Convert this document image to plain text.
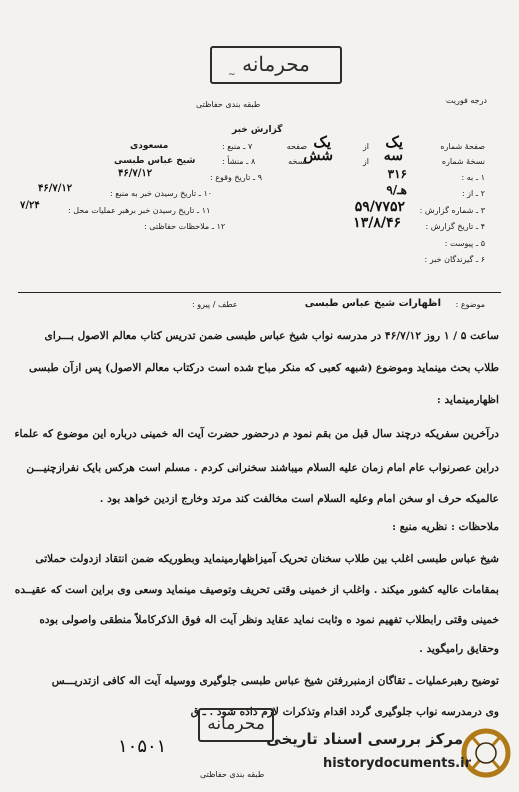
محرمانه
~
درجه فوریت
طبقه بندی حفاظتی
گزارش خبر
صفحهٔ شماره
یک
از
یک
صفحه
نسخهٔ شماره
سه
از
شش
نسخه
۱ ـ به :
۳۱۶
۲ ـ از :
۹/هـ
۳ ـ شماره گزارش :
۵۹/۷۷۵۲
۴ ـ تاریخ گزارش :
۱۳/۸/۴۶
۵ ـ پیوست :
۶ ـ گیرندگان خبر :
۷ ـ منبع :
مسعودی
۸ ـ منشأ :
شیخ عباس طبسی
۹ ـ تاریخ وقوع :
۴۶/۷/۱۲
۱۰ ـ تاریخ رسیدن خبر به منبع :
۴۶/۷/۱۲
۱۱ ـ تاریخ رسیدن خبر برهبر عملیات محل :
۷/۲۴
۱۲ ـ ملاحظات حفاظتی :
موضوع :
اظهارات شیخ عباس طبسی
عطف / پیرو :
ساعت ۵ / ۱ روز ۴۶/۷/۱۲ در مدرسه نواب شیخ عباس طبسی ضمن تدریس کتاب معالم الاصول بـــرای
طلاب بحث مینماید وموضوع (شبهه کعبی که منکر مباح شده است درکتاب معالم الاصول) پس ازآن طبسی
اظهارمینماید :
درآخرین سفریکه درچند سال قبل من بقم نمود م درحضور حضرت آیت اله خمینی درباره این موضوع که علماء
دراین عصرنواب عام امام زمان علیه السلام میباشند سخنرانی کردم . مسلم است هرکس بایک نفرازچنیـــن
عالمیکه حرف او سخن امام وعلیه السلام است مخالفت کند مرتد وخارج ازدین خواهد بود .
ملاحظات : نظریه منبع :
شیخ عباس طبسی اغلب بین طلاب سخنان تحریک آمیزاظهارمینماید وبطوریکه ضمن انتقاد ازدولت حملاتی
بمقامات عالیه کشور میکند . واغلب از خمینی وقتی تحریف وتوصیف مینماید وسعی وی براین است که عقیــده
خمینی وقتی رابطلاب تفهیم نمود ه وثابت نماید عقاید ونظر آیت اله فوق الذکرکاملاً منطقی واصولی بوده
وحقایق رامیگوید .
توضیح رهبرعملیات ـ تقاگان ازمنبررفتن شیخ عباس طبسی جلوگیری ووسیله آیت اله کافی ازتدریـــس
وی درمدرسه نواب جلوگیری گردد اقدام وتذکرات لازم داده شود . ـ ق
محرمانه
طبقه بندی حفاظتی
۱۰۵۰۱	مرکز بررسی اسناد تاریخی
historydocuments.ir
